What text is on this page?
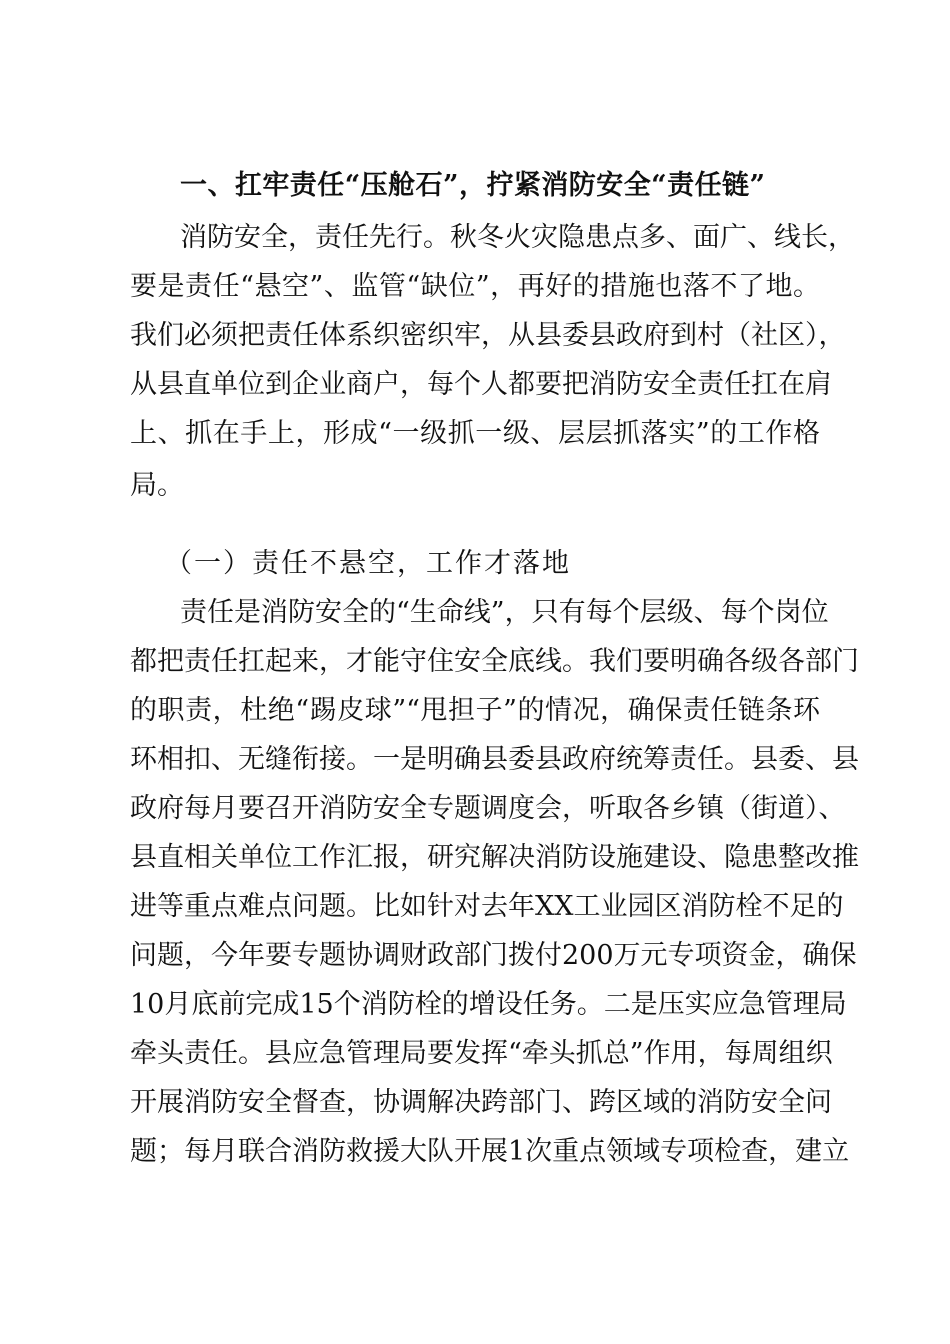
一、扛牢责任“压舱石”，拧紧消防安全“责任链”
消防安全，责任先行。秋冬火灾隐患点多、面广、线长，
要是责任“悬空”、监管“缺位”，再好的措施也落不了地。
我们必须把责任体系织密织牢，从县委县政府到村（社区），
从县直单位到企业商户，每个人都要把消防安全责任扛在肩
上、抓在手上，形成“一级抓一级、层层抓落实”的工作格
局。
（一）责任不悬空，工作才落地
责任是消防安全的“生命线”，只有每个层级、每个岗位
都把责任扛起来，才能守住安全底线。我们要明确各级各部门
的职责，杜绝“踢皮球”“甩担子”的情况，确保责任链条环
环相扣、无缝衔接。一是明确县委县政府统筹责任。县委、县
政府每月要召开消防安全专题调度会，听取各乡镇（街道）、
县直相关单位工作汇报，研究解决消防设施建设、隐患整改推
进等重点难点问题。比如针对去年XX工业园区消防栓不足的
问题，今年要专题协调财政部门拨付200万元专项资金，确保
10月底前完成15个消防栓的增设任务。二是压实应急管理局
牵头责任。县应急管理局要发挥“牵头抓总”作用，每周组织
开展消防安全督查，协调解决跨部门、跨区域的消防安全问
题；每月联合消防救援大队开展1次重点领域专项检查，建立
